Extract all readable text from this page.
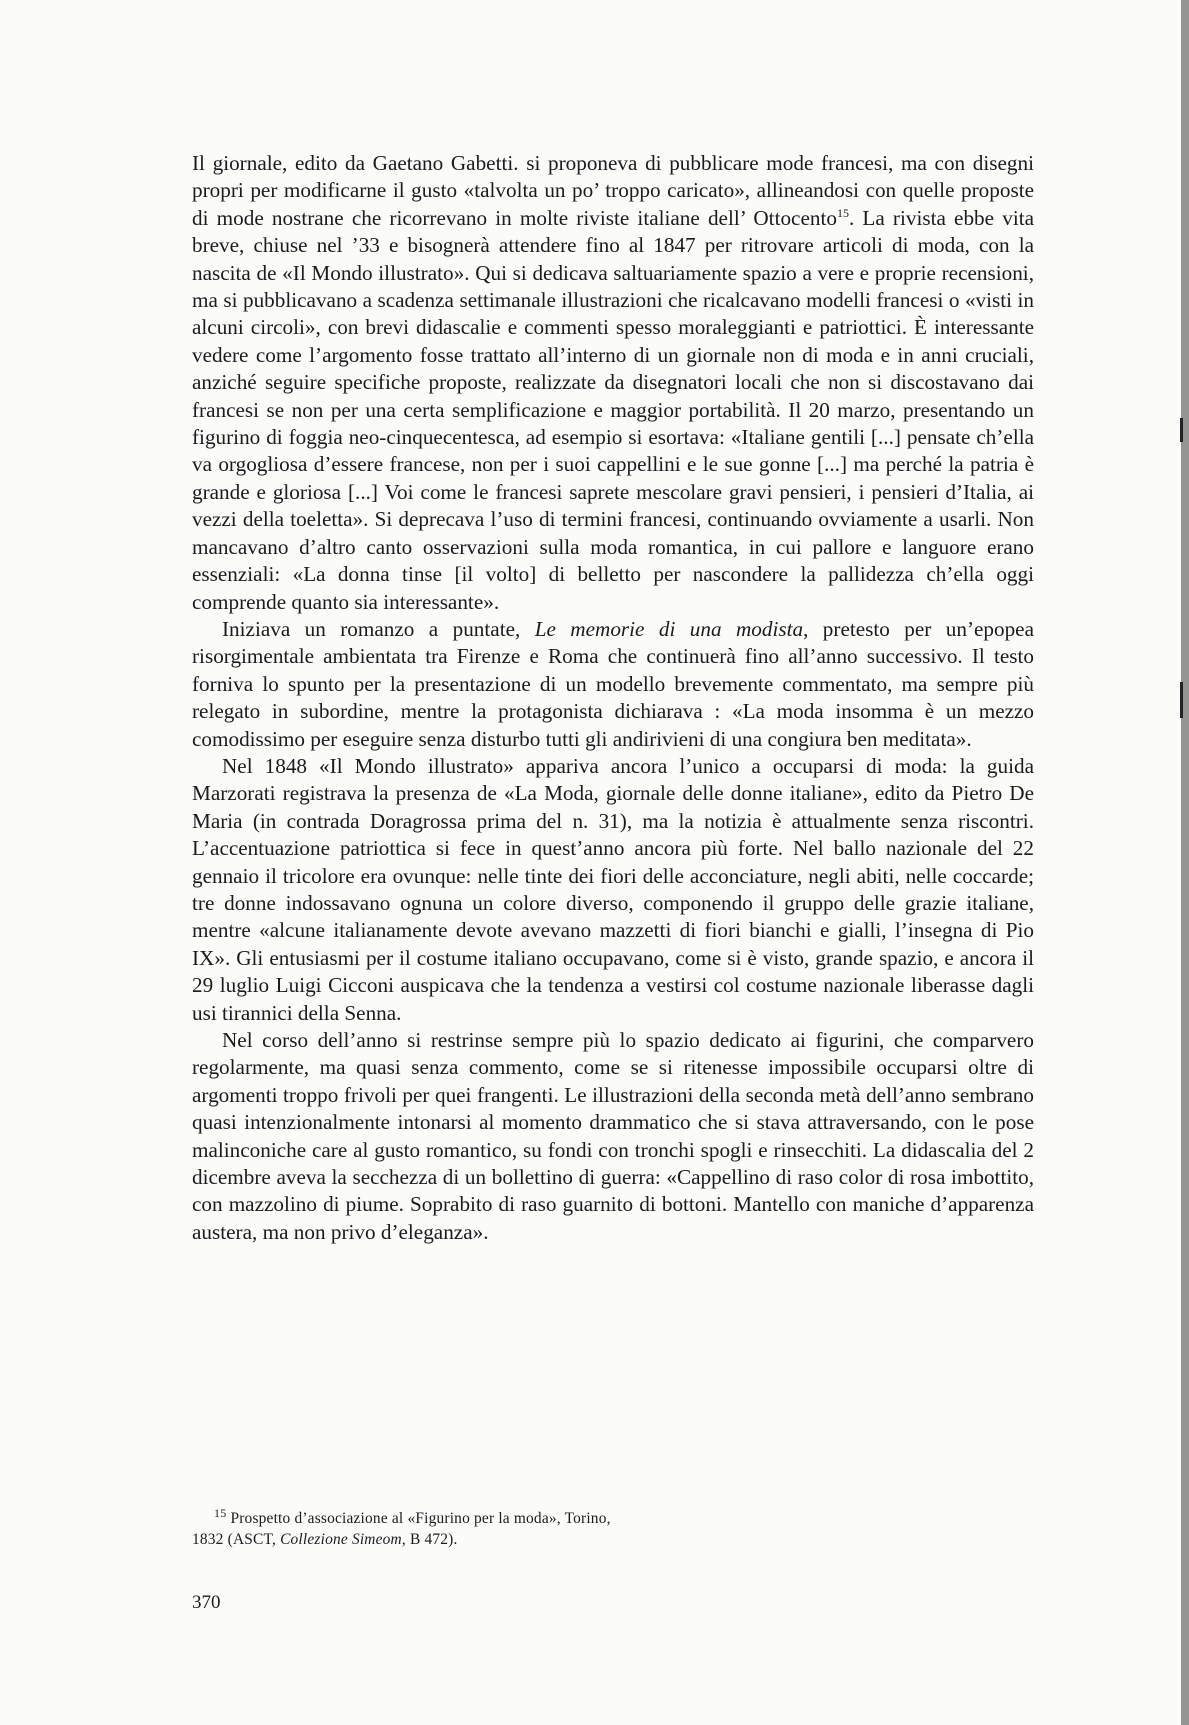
Il giornale, edito da Gaetano Gabetti. si proponeva di pubblicare mode francesi, ma con disegni propri per modificarne il gusto «talvolta un po’ troppo caricato», allineandosi con quelle proposte di mode nostrane che ricorrevano in molte riviste italiane dell’ Ottocento$^{15}$. La rivista ebbe vita breve, chiuse nel ’33 e bisognerà attendere fino al 1847 per ritrovare articoli di moda, con la nascita de «Il Mondo illustrato». Qui si dedicava saltuariamente spazio a vere e proprie recensioni, ma si pubblicavano a scadenza settimanale illustrazioni che ricalcavano modelli francesi o «visti in alcuni circoli», con brevi didascalie e commenti spesso moraleggianti e patriottici. È interessante vedere come l’argomento fosse trattato all’interno di un giornale non di moda e in anni cruciali, anziché seguire specifiche proposte, realizzate da disegnatori locali che non si discostavano dai francesi se non per una certa semplificazione e maggior portabilità. Il 20 marzo, presentando un figurino di foggia neo-cinquecentesca, ad esempio si esortava: «Italiane gentili [...] pensate ch’ella va orgogliosa d’essere francese, non per i suoi cappellini e le sue gonne [...] ma perché la patria è grande e gloriosa [...] Voi come le francesi saprete mescolare gravi pensieri, i pensieri d’Italia, ai vezzi della toeletta». Si deprecava l’uso di termini francesi, continuando ovviamente a usarli. Non mancavano d’altro canto osservazioni sulla moda romantica, in cui pallore e languore erano essenziali: «La donna tinse [il volto] di belletto per nascondere la pallidezza ch’ella oggi comprende quanto sia interessante».

Iniziava un romanzo a puntate, Le memorie di una modista, pretesto per un’epopea risorgimentale ambientata tra Firenze e Roma che continuerà fino all’anno successivo. Il testo forniva lo spunto per la presentazione di un modello brevemente commentato, ma sempre più relegato in subordine, mentre la protagonista dichiarava : «La moda insomma è un mezzo comodissimo per eseguire senza disturbo tutti gli andirivieni di una congiura ben meditata».

Nel 1848 «Il Mondo illustrato» appariva ancora l’unico a occuparsi di moda: la guida Marzorati registrava la presenza de «La Moda, giornale delle donne italiane», edito da Pietro De Maria (in contrada Doragrossa prima del n. 31), ma la notizia è attualmente senza riscontri. L’accentuazione patriottica si fece in quest’anno ancora più forte. Nel ballo nazionale del 22 gennaio il tricolore era ovunque: nelle tinte dei fiori delle acconciature, negli abiti, nelle coccarde; tre donne indossavano ognuna un colore diverso, componendo il gruppo delle grazie italiane, mentre «alcune italianamente devote avevano mazzetti di fiori bianchi e gialli, l’insegna di Pio IX». Gli entusiasmi per il costume italiano occupavano, come si è visto, grande spazio, e ancora il 29 luglio Luigi Cicconi auspicava che la tendenza a vestirsi col costume nazionale liberasse dagli usi tirannici della Senna.

Nel corso dell’anno si restrinse sempre più lo spazio dedicato ai figurini, che comparvero regolarmente, ma quasi senza commento, come se si ritenesse impossibile occuparsi oltre di argomenti troppo frivoli per quei frangenti. Le illustrazioni della seconda metà dell’anno sembrano quasi intenzionalmente intonarsi al momento drammatico che si stava attraversando, con le pose malinconiche care al gusto romantico, su fondi con tronchi spogli e rinsecchiti. La didascalia del 2 dicembre aveva la secchezza di un bollettino di guerra: «Cappellino di raso color di rosa imbottito, con mazzolino di piume. Soprabito di raso guarnito di bottoni. Mantello con maniche d’apparenza austera, ma non privo d’eleganza».

$^{15}$ Prospetto d’associazione al «Figurino per la moda», Torino, 1832 (ASCT, Collezione Simeom, B 472).

370
